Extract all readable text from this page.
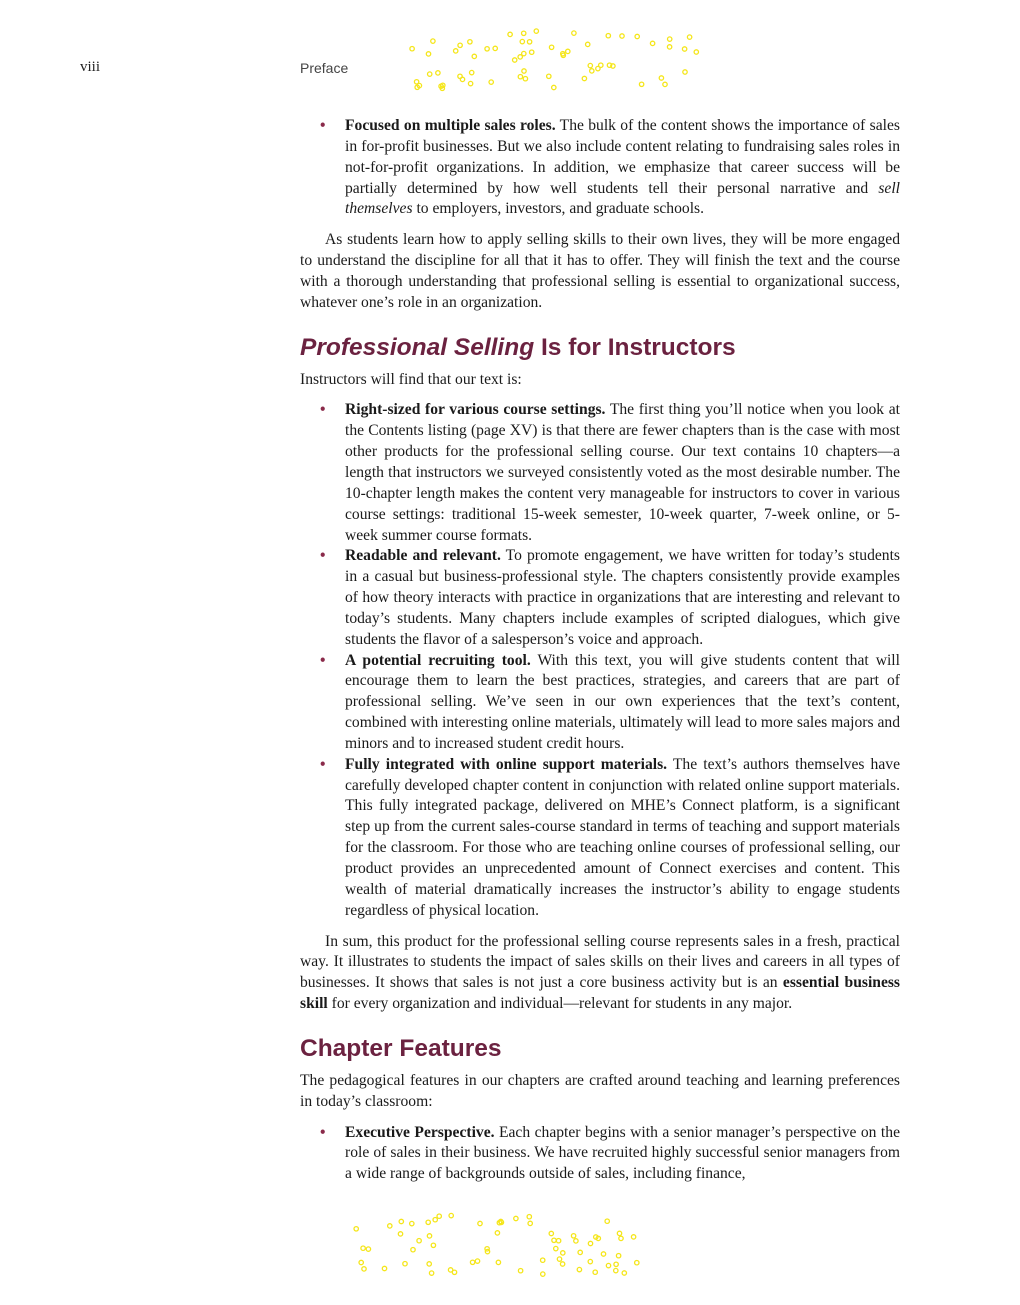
viii	Preface
• Focused on multiple sales roles. The bulk of the content shows the importance of sales in for-profit businesses. But we also include content relating to fundraising sales roles in not-for-profit organizations. In addition, we emphasize that career success will be partially determined by how well students tell their personal narrative and sell themselves to employers, investors, and graduate schools.

As students learn how to apply selling skills to their own lives, they will be more engaged to understand the discipline for all that it has to offer. They will finish the text and the course with a thorough understanding that professional selling is essential to organizational success, whatever one’s role in an organization.

Professional Selling Is for Instructors

Instructors will find that our text is:

• Right-sized for various course settings. The first thing you’ll notice when you look at the Contents listing (page XV) is that there are fewer chapters than is the case with most other products for the professional selling course. Our text contains 10 chapters—a length that instructors we surveyed consistently voted as the most desirable number. The 10-chapter length makes the content very manageable for instructors to cover in various course settings: traditional 15-week semester, 10-week quarter, 7-week online, or 5-week summer course formats.
• Readable and relevant. To promote engagement, we have written for today’s students in a casual but business-professional style. The chapters consistently provide examples of how theory interacts with practice in organizations that are interesting and relevant to today’s students. Many chapters include examples of scripted dialogues, which give students the flavor of a salesperson’s voice and approach.
• A potential recruiting tool. With this text, you will give students content that will encourage them to learn the best practices, strategies, and careers that are part of professional selling. We’ve seen in our own experiences that the text’s content, combined with interesting online materials, ultimately will lead to more sales majors and minors and to increased student credit hours.
• Fully integrated with online support materials. The text’s authors themselves have carefully developed chapter content in conjunction with related online support materials. This fully integrated package, delivered on MHE’s Connect platform, is a significant step up from the current sales-course standard in terms of teaching and support materials for the classroom. For those who are teaching online courses of professional selling, our product provides an unprecedented amount of Connect exercises and content. This wealth of material dramatically increases the instructor’s ability to engage students regardless of physical location.

In sum, this product for the professional selling course represents sales in a fresh, practical way. It illustrates to students the impact of sales skills on their lives and careers in all types of businesses. It shows that sales is not just a core business activity but is an essential business skill for every organization and individual—relevant for students in any major.

Chapter Features

The pedagogical features in our chapters are crafted around teaching and learning preferences in today’s classroom:

• Executive Perspective. Each chapter begins with a senior manager’s perspective on the role of sales in their business. We have recruited highly successful senior managers from a wide range of backgrounds outside of sales, including finance,
